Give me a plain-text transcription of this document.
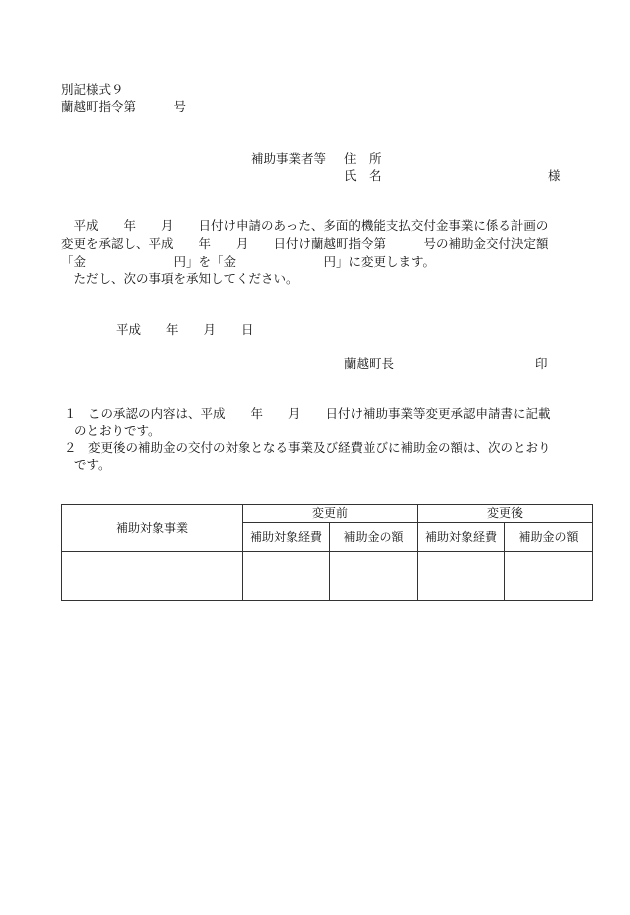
別記様式９
蘭越町指令第　　　号
補助事業者等 住　所
氏　名	様
　平成　　年　　月　　日付け申請のあった、多面的機能支払交付金事業に係る計画の
変更を承認し、平成　　年　　月　　日付け蘭越町指令第　　　号の補助金交付決定額
「金　　　　　　　円」を「金　　　　　　　円」に変更します。
　ただし、次の事項を承知してください。
平成　　年　　月　　日
蘭越町長	印
１ この承認の内容は、平成　　年　　月　　日付け補助事業等変更承認申請書に記載
のとおりです。
２ 変更後の補助金の交付の対象となる事業及び経費並びに補助金の額は、次のとおり
です。
補助対象事業	変更前		変更後	
	補助対象経費	補助金の額	補助対象経費	補助金の額
